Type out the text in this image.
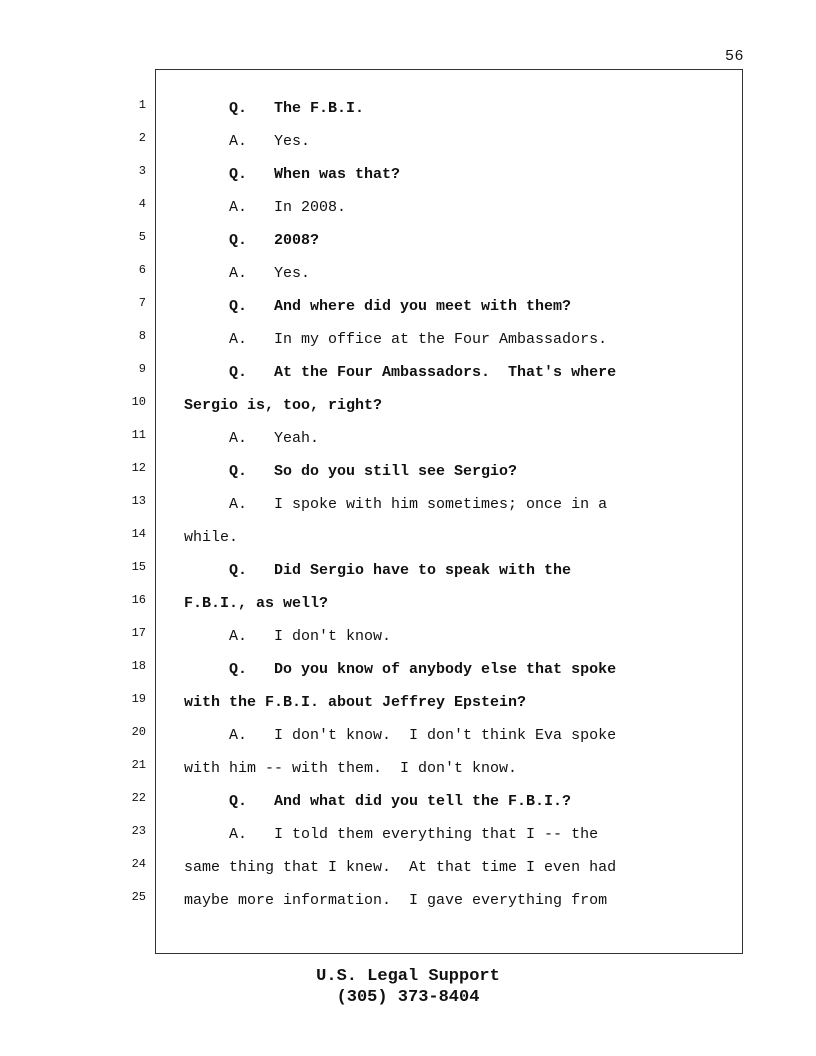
56
1	Q.   The F.B.I.
2	A.   Yes.
3	Q.   When was that?
4	A.   In 2008.
5	Q.   2008?
6	A.   Yes.
7	Q.   And where did you meet with them?
8	A.   In my office at the Four Ambassadors.
9	Q.   At the Four Ambassadors.  That's where
10	Sergio is, too, right?
11	A.   Yeah.
12	Q.   So do you still see Sergio?
13	A.   I spoke with him sometimes; once in a
14	while.
15	Q.   Did Sergio have to speak with the
16	F.B.I., as well?
17	A.   I don't know.
18	Q.   Do you know of anybody else that spoke
19	with the F.B.I. about Jeffrey Epstein?
20	A.   I don't know.  I don't think Eva spoke
21	with him -- with them.  I don't know.
22	Q.   And what did you tell the F.B.I.?
23	A.   I told them everything that I -- the
24	same thing that I knew.  At that time I even had
25	maybe more information.  I gave everything from
U.S. Legal Support
(305) 373-8404
